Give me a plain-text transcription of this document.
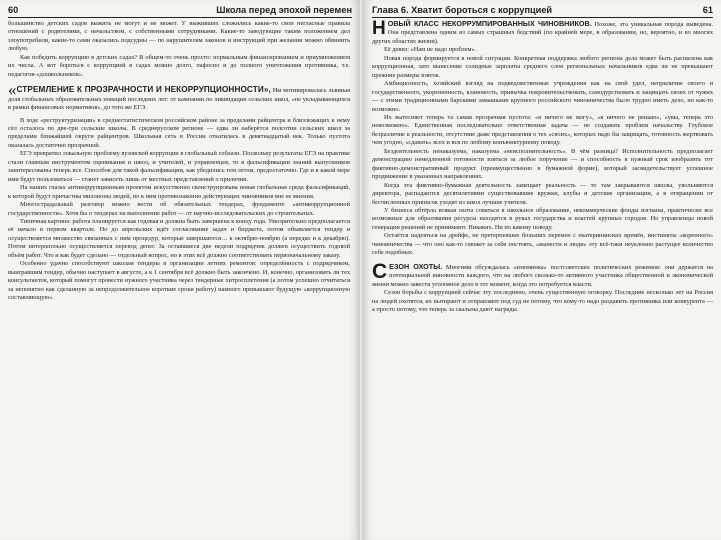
60	Школа перед эпохой перемен

большинство детских садов выжить не могут и не может. У выживших сложились какие-то свои негласные правила отношений с родителями, с начальством, с собственными сотрудниками. Какие-то заведующие таким положением дел злоупотребили, какие-то сами оказались подсудны — по нарушителям законов и инструкций при желании можно обвинить любую.

Как победить коррупцию в детских садах? В общем-то очень просто: нормальным финансированием и приумножением их числа. А вот бороться с коррупцией в садах можно долго, пафосно и до полного уничтожения противника, т.е. педагогов-«дошкольников».

«СТРЕМЛЕНИЕ К ПРОЗРАЧНОСТИ И НЕКОРРУПЦИОННОСТИ», Им мотивировалась львиная доля глобальных образовательных новаций последних лет: от кампании по ликвидации сельских школ, «не укладывающихся в рамки финансовых нормативов», до того же ЕГЭ.

В ходе «реструктуризации» в среднестатистическом российском районе за пределами райцентра и близлежащих к нему сёл осталось по две-три сельские школы. В среднерусском регионе — едва ли наберётся полсотни сельских школ за пределами ближайшей округи райцентров. Школьная сеть в России откатилась в девятнадцатый век. Только пустота оказалась достаточно прозрачной.

ЕГЭ превратил локальную проблему вузовской коррупции в глобальный соблазн. Поскольку результаты ЕГЭ на практике стали главным инструментом оценивания и школ, и учителей, и управленцев, то в фальсификации знаний выпускников заинтересованы теперь все. Способов для такой фальсификации, как убедились тем летом, предостаточно. Где и в какой мере ими будут пользоваться — станет зависеть лишь от местных представлений о приличии.

На наших глазах антикоррупционным проектом искусственно сконструирована новая глобальная среда фальсификаций, к которой будут причастны миллионы людей, но к ним противозаконно действующих чиновников вне ее мнения.

Многострадальный разговор можно вести об обязательных тендерах, фундаменте «антикоррупционной государственности». Хотя бы о тендерах на выполнение работ — от научно-исследовательских до строительных.

Типичная картина: работа планируется как годовая и должна быть завершена к концу года. Умозрительно предполагается её начало в первом квартале. Но до апрельских идёт согласование задач и бюджета, потом объявляется тендер и осуществляется множество связанных с ним процедур, которые завершаются… к октябрю-ноябрю (а нередко и к декабрю). Потом интеропольно осуществляется перевод денег. За оставшиеся две недели подрядчик должен осуществить годовой объём работ. Что и как будет сделано — отдельный вопрос, но в этих всё должно соответствовать первоначальному заказу.

Особенно удачно способствуют школам тендеры в организации летних ремонтов: определённость с подрядчиком, выигравшим тендер, обычно наступает в августе, а к 1 сентября всё должно быть закончено. И, конечно, организовать ли тех консультантов, который помогут провести нужного участника через тендерные хитросплетения (а потом успешно отчитаться за непонятно как сделанную за непродолжительное короткие сроки работу) намного превышают будущую «коррупционную составляющую».

Глава 6. Хватит бороться с коррупцией	61

НОВЫЙ КЛАСС НЕКОРРУМПИРОВАННЫХ ЧИНОВНИКОВ. Похоже, эта уникальная порода выведена. Она представлена одним из самых страшных бедствий (по крайней мере, в образовании, но, вероятно, и во многих других областях жизни).

Её девиз: «Нам не надо проблем».

Новая порода формируется в новой ситуации. Конкретная поддержка любого региона дела может быть распилена как коррупционная, зато вынесение солидные зарплаты среднего слоя региональных начальников едва ли не превышают прежние размеры взяток.

Амбициозность, хозяйский взгляд на подведомственные учреждения как на свой удел, неприличие своего и государственного, укорененность, клановость, привычка покровительствовать, самодурствовать и защищать своих от чужих — с этими традиционными барскими замашками крупного российского чиновничества было трудно иметь дело, но как-то возможно.

Их вытесняет теперь та самая прозрачная пустота: «я ничего не могу», «я ничего не решаю», «увы, теперь это невозможно». Единственная последовательно ответственная задача — не создавать проблем начальству. Глубокое безразличие к реальности, отсутствие даже представления о тех «своих», которых надо бы защищать, готовность жертвовать чем угодно, «сдавать» всех и вся по любому конъюнктурному поводу.

Бездеятельность ненаказуема, наказуема «неисполнительность». В чём разница? Исполнительность предполагает демонстрацию немедленной готовности взяться за любое поручение — и способность в нужный срок изобразить тот фиктивно-демонстративный продукт (преимущественно в бумажной форме), который засвидетельствует успешное продвижение в указанных направлениях.

Когда эта фиктивно-бумажная деятельность замещает реальность — то там закрываются школы, увольняются директора, распадаются десятилетиями существовавшие кружки, клубы и детские организации, а в отвращении от бесчисленных приписок уходят из школ лучшие учителя.

У бизнеса обтёрла всякая охота соваться в школьное образование, некоммерческие фонды изгнаны, практически все возможные для образования ресурсы находятся в руках государства и властей крупных городов. Но управленцы новой генерации решений не принимают. Никаких. Ни по какому поводу.

Остаётся надеяться на дрейфе, не претерпевшие больших перемен с екатерининских времён, инстинкты «коренного» чиновничества — что оно как-то сможет за себя постоять, «вынести и люди» эту всё-таки неуклонно растущее количество себе подобных.

СЕЗОН ОХОТЫ. Многими обсуждалась «изюминка» постсоветских политических режимов: они держатся на потенциальной виновности каждого, что на любого сколько-то активного участника общественной и экономической жизни можно завести уголовное дело в тот момент, когда это потребуется власти.

Сезон борьбы с коррупцией сейчас эту последнюю, очень существенную оговорку. Последние несколько лет на Россия на людей охотятся, их вытирают и отправляют под суд не потому, что кому-то надо раздавить противника или конкурента — а просто потому, что теперь за скальпы дают награды.
